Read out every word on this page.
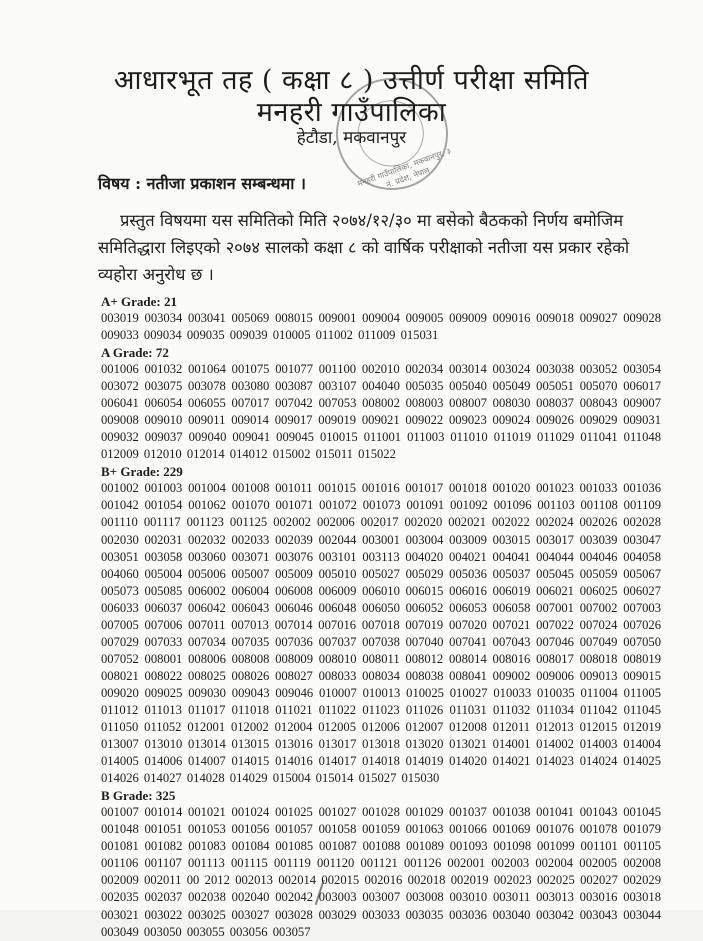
आधारभूत तह ( कक्षा ८ ) उत्तीर्ण परीक्षा समिति
मनहरी गाउँपालिका
हेटौडा, मकवानपुर
मनहरी गाउँपालिका, मकवानपुर, ३ नं. प्रदेश, नेपाल
विषय : नतीजा प्रकाशन सम्बन्धमा ।
प्रस्तुत विषयमा यस समितिको मिति २०७४/१२/३० मा बसेको बैठकको निर्णय बमोजिम समितिद्धारा लिइएको २०७४ सालको कक्षा ८ को वार्षिक परीक्षाको नतीजा यस प्रकार रहेको व्यहोरा अनुरोध छ ।

A+ Grade: 21

003019 003034 003041 005069 008015 009001 009004 009005 009009 009016 009018 009027 009028 009033 009034 009035 009039 010005 011002 011009 015031

A Grade: 72

001006 001032 001064 001075 001077 001100 002010 002034 003014 003024 003038 003052 003054 003072 003075 003078 003080 003087 003107 004040 005035 005040 005049 005051 005070 006017 006041 006054 006055 007017 007042 007053 008002 008003 008007 008030 008037 008043 009007 009008 009010 009011 009014 009017 009019 009021 009022 009023 009024 009026 009029 009031 009032 009037 009040 009041 009045 010015 011001 011003 011010 011019 011029 011041 011048 012009 012010 012014 014012 015002 015011 015022

B+ Grade: 229

001002 001003 001004 001008 001011 001015 001016 001017 001018 001020 001023 001033 001036 001042 001054 001062 001070 001071 001072 001073 001091 001092 001096 001103 001108 001109 001110 001117 001123 001125 002002 002006 002017 002020 002021 002022 002024 002026 002028 002030 002031 002032 002033 002039 002044 003001 003004 003009 003015 003017 003039 003047 003051 003058 003060 003071 003076 003101 003113 004020 004021 004041 004044 004046 004058 004060 005004 005006 005007 005009 005010 005027 005029 005036 005037 005045 005059 005067 005073 005085 006002 006004 006008 006009 006010 006015 006016 006019 006021 006025 006027 006033 006037 006042 006043 006046 006048 006050 006052 006053 006058 007001 007002 007003 007005 007006 007011 007013 007014 007016 007018 007019 007020 007021 007022 007024 007026 007029 007033 007034 007035 007036 007037 007038 007040 007041 007043 007046 007049 007050 007052 008001 008006 008008 008009 008010 008011 008012 008014 008016 008017 008018 008019 008021 008022 008025 008026 008027 008033 008034 008038 008041 009002 009006 009013 009015 009020 009025 009030 009043 009046 010007 010013 010025 010027 010033 010035 011004 011005 011012 011013 011017 011018 011021 011022 011023 011026 011031 011032 011034 011042 011045 011050 011052 012001 012002 012004 012005 012006 012007 012008 012011 012013 012015 012019 013007 013010 013014 013015 013016 013017 013018 013020 013021 014001 014002 014003 014004 014005 014006 014007 014015 014016 014017 014018 014019 014020 014021 014023 014024 014025 014026 014027 014028 014029 015004 015014 015027 015030

B Grade: 325

001007 001014 001021 001024 001025 001027 001028 001029 001037 001038 001041 001043 001045 001048 001051 001053 001056 001057 001058 001059 001063 001066 001069 001076 001078 001079 001081 001082 001083 001084 001085 001087 001088 001089 001093 001098 001099 001101 001105 001106 001107 001113 001115 001119 001120 001121 001126 002001 002003 002004 002005 002008 002009 002011 00 2012 002013 002014 002015 002016 002018 002019 002023 002025 002027 002029 002035 002037 002038 002040 002042 003003 003007 003008 003010 003011 003013 003016 003018 003021 003022 003025 003027 003028 003029 003033 003035 003036 003040 003042 003043 003044 003049 003050 003055 003056 003057
